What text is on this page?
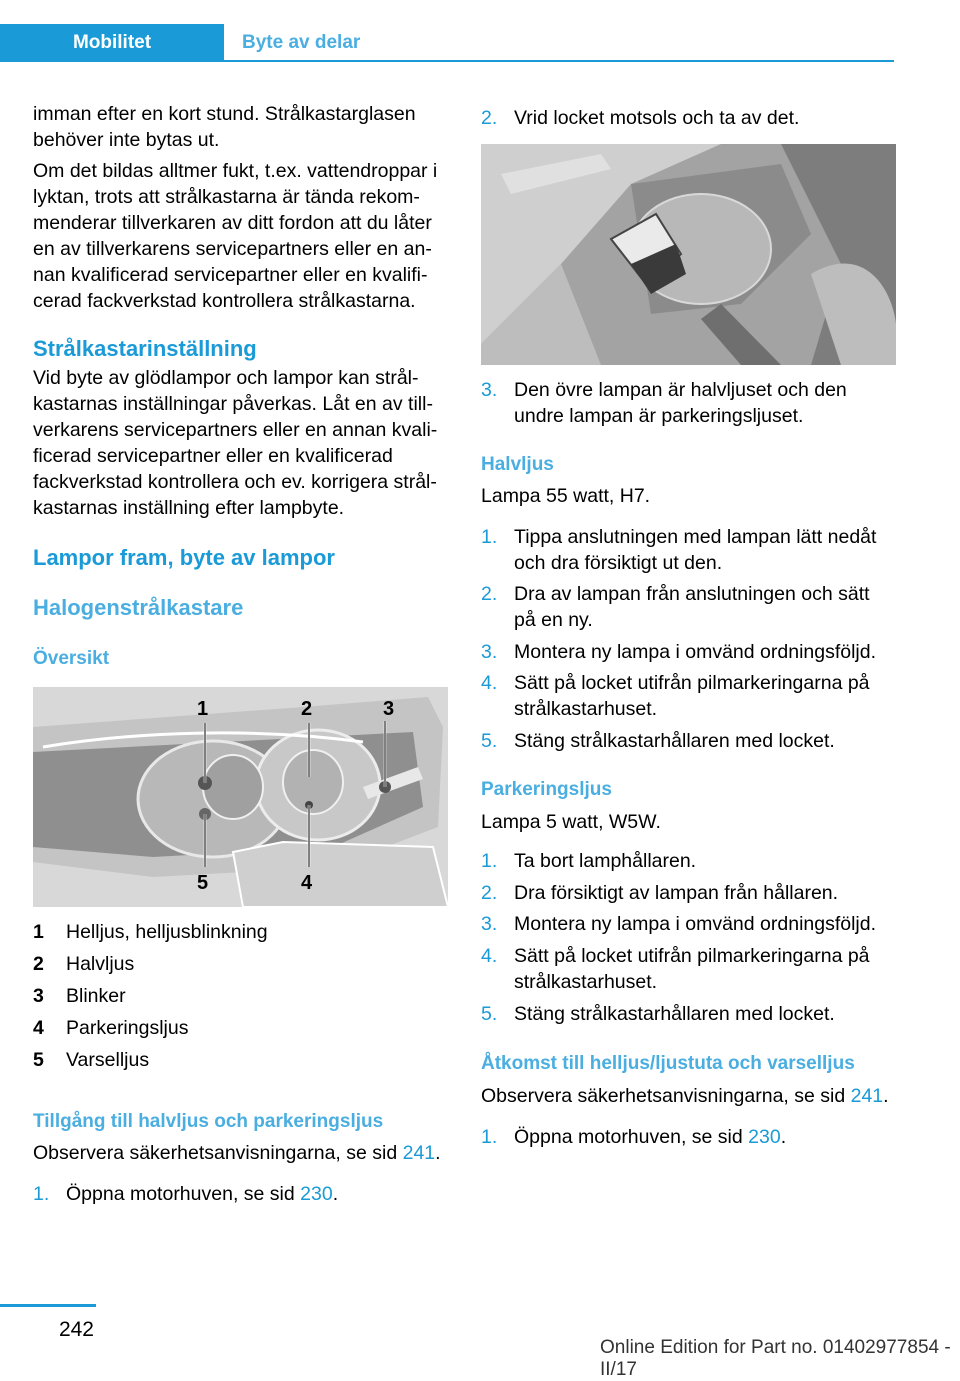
Mobilitet	Byte av delar

imman efter en kort stund. Strålkastarglasen behöver inte bytas ut.

Om det bildas alltmer fukt, t.ex. vattendroppar i lyktan, trots att strålkastarna är tända rekommenderar tillverkaren av ditt fordon att du låter en av tillverkarens servicepartners eller en annan kvalificerad servicepartner eller en kvalificerad fackverkstad kontrollera strålkastarna.

Strålkastarinställning

Vid byte av glödlampor och lampor kan strålkastarnas inställningar påverkas. Låt en av tillverkarens servicepartners eller en annan kvalificerad servicepartner eller en kvalificerad fackverkstad kontrollera och ev. korrigera strålkastarnas inställning efter lampbyte.

Lampor fram, byte av lampor
Halogenstrålkastare
Översikt
1	2	3
4
5
1	Helljus, helljusblinkning
2	Halvljus
3	Blinker
4	Parkeringsljus
5	Varselljus
Tillgång till halvljus och parkeringsljus

Observera säkerhetsanvisningarna, se sid 241.

1. Öppna motorhuven, se sid 230.
2. Vrid locket motsols och ta av det.
3. Den övre lampan är halvljuset och den undre lampan är parkeringsljuset.
Halvljus

Lampa 55 watt, H7.

1. Tippa anslutningen med lampan lätt nedåt och dra försiktigt ut den.
2. Dra av lampan från anslutningen och sätt på en ny.
3. Montera ny lampa i omvänd ordningsföljd.
4. Sätt på locket utifrån pilmarkeringarna på strålkastarhuset.
5. Stäng strålkastarhållaren med locket.
Parkeringsljus

Lampa 5 watt, W5W.

1. Ta bort lamphållaren.
2. Dra försiktigt av lampan från hållaren.
3. Montera ny lampa i omvänd ordningsföljd.
4. Sätt på locket utifrån pilmarkeringarna på strålkastarhuset.
5. Stäng strålkastarhållaren med locket.
Åtkomst till helljus/ljustuta och varselljus

Observera säkerhetsanvisningarna, se sid 241.

1. Öppna motorhuven, se sid 230.
242
Online Edition for Part no. 01402977854 - II/17
